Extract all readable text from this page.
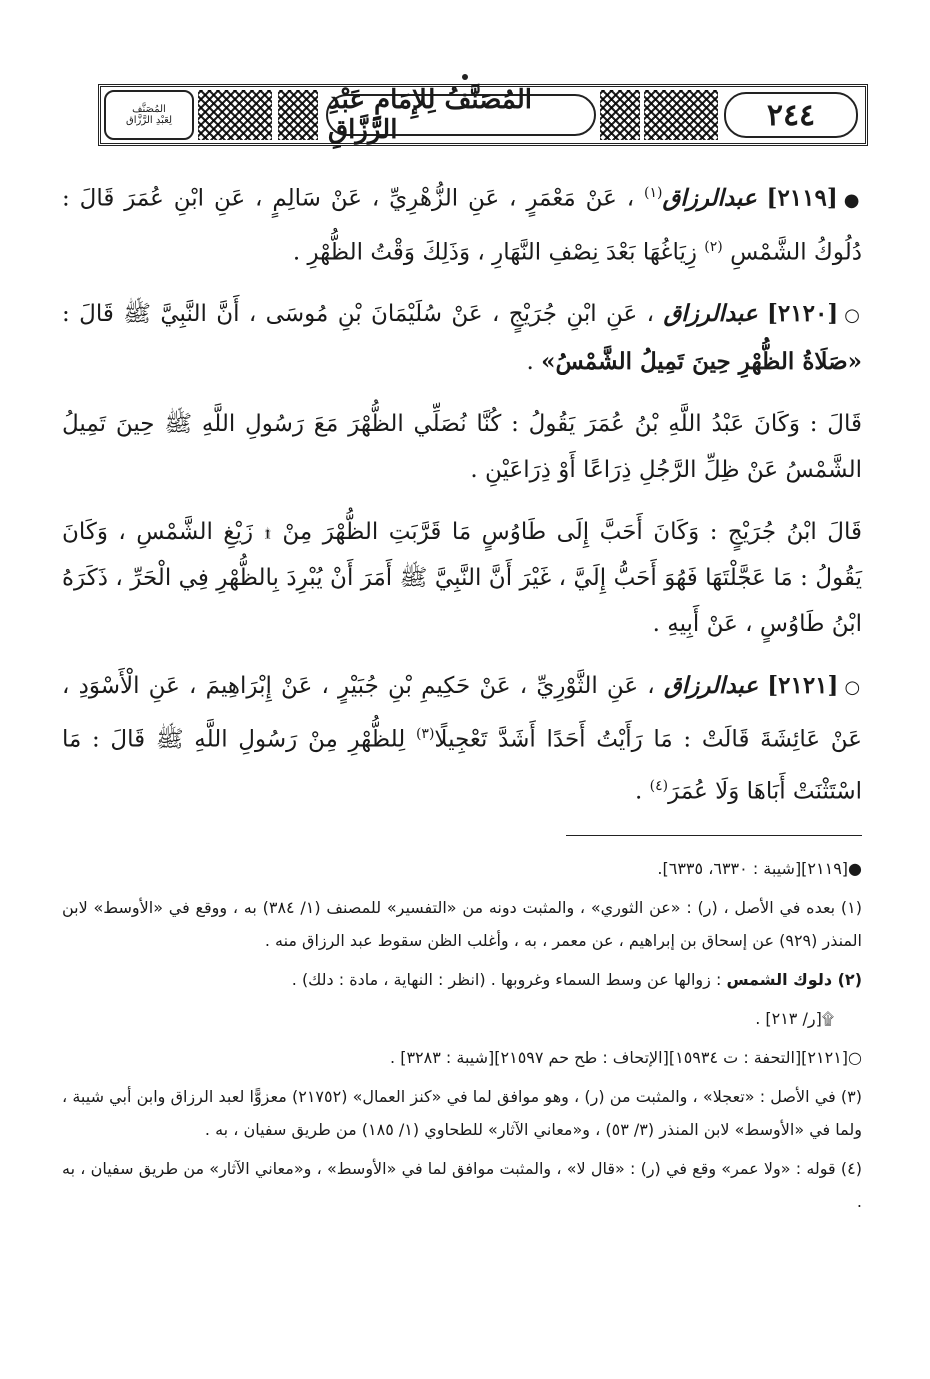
المُصَنَّفُ لِلإِمَامِ عَبْدِ الرَّزَّاقِ	٢٤٤
المُصَنَّف
لِعَبْدِ الرَّزَّاق

●[٢١١٩] عبدالرزاق$^{(١)}$ ، عَنْ مَعْمَرٍ ، عَنِ الزُّهْرِيِّ ، عَنْ سَالِمٍ ، عَنِ ابْنِ عُمَرَ قَالَ : دُلُوكُ الشَّمْسِ $^{(٢)}$ زِيَاغُهَا بَعْدَ نِصْفِ النَّهَارِ ، وَذَلِكَ وَقْتُ الظُّهْرِ .

○[٢١٢٠] عبدالرزاق ، عَنِ ابْنِ جُرَيْجٍ ، عَنْ سُلَيْمَانَ بْنِ مُوسَى ، أَنَّ النَّبِيَّ ﷺ قَالَ : «صَلَاةُ الظُّهْرِ حِينَ تَمِيلُ الشَّمْسُ» .

قَالَ : وَكَانَ عَبْدُ اللَّهِ بْنُ عُمَرَ يَقُولُ : كُنَّا نُصَلِّي الظُّهْرَ مَعَ رَسُولِ اللَّهِ ﷺ حِينَ تَمِيلُ الشَّمْسُ عَنْ ظِلِّ الرَّجُلِ ذِرَاعًا أَوْ ذِرَاعَيْنِ .

قَالَ ابْنُ جُرَيْجٍ : وَكَانَ أَحَبَّ إِلَى طَاوُسٍ مَا قَرَّبَتِ الظُّهْرَ مِنْ ۩ زَيْغِ الشَّمْسِ ، وَكَانَ يَقُولُ : مَا عَجَّلْتَهَا فَهُوَ أَحَبُّ إِلَيَّ ، غَيْرَ أَنَّ النَّبِيَّ ﷺ أَمَرَ أَنْ يُبْرِدَ بِالظُّهْرِ فِي الْحَرِّ ، ذَكَرَهُ ابْنُ طَاوُسٍ ، عَنْ أَبِيهِ .

○[٢١٢١] عبدالرزاق ، عَنِ الثَّوْرِيِّ ، عَنْ حَكِيمِ بْنِ جُبَيْرٍ ، عَنْ إِبْرَاهِيمَ ، عَنِ الْأَسْوَدِ ، عَنْ عَائِشَةَ قَالَتْ : مَا رَأَيْتُ أَحَدًا أَشَدَّ تَعْجِيلًا$^{(٣)}$ لِلظُّهْرِ مِنْ رَسُولِ اللَّهِ ﷺ قَالَ : مَا اسْتَثْنَتْ أَبَاهَا وَلَا عُمَرَ$^{(٤)}$ .

●[٢١١٩][شيبة : ٦٣٣٠، ٦٣٣٥].
(١) بعده في الأصل ، (ر) : «عن الثوري» ، والمثبت دونه من «التفسير» للمصنف (١/ ٣٨٤) به ، ووقع في «الأوسط» لابن المنذر (٩٢٩) عن إسحاق بن إبراهيم ، عن معمر ، به ، وأغلب الظن سقوط عبد الرزاق منه .
(٢) دلوك الشمس : زوالها عن وسط السماء وغروبها . (انظر : النهاية ، مادة : دلك) .
۩[ر/ ٢١٣] .
○[٢١٢١][التحفة : ت ١٥٩٣٤][الإتحاف : طح حم ٢١٥٩٧][شيبة : ٣٢٨٣] .
(٣) في الأصل : «تعجلا» ، والمثبت من (ر) ، وهو موافق لما في «كنز العمال» (٢١٧٥٢) معزوًّا لعبد الرزاق وابن أبي شيبة ، ولما في «الأوسط» لابن المنذر (٣/ ٥٣) ، و«معاني الآثار» للطحاوي (١/ ١٨٥) من طريق سفيان ، به .
(٤) قوله : «ولا عمر» وقع في (ر) : «قال لا» ، والمثبت موافق لما في «الأوسط» ، و«معاني الآثار» من طريق سفيان ، به .
